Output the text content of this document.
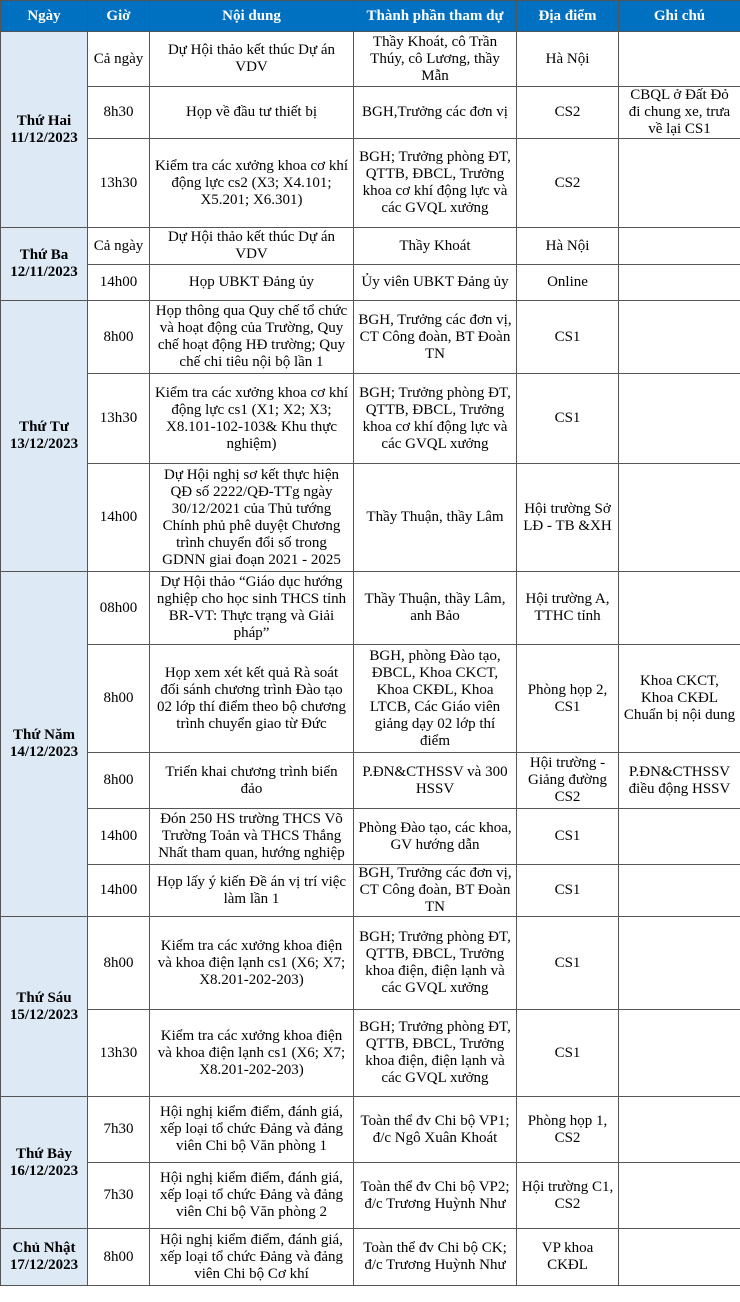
Ngày	Giờ	Nội dung	Thành phần tham dự	Địa điểm	Ghi chú

Thứ Hai
11/12/2023	Cả ngày	Dự Hội thảo kết thúc Dự án VDV	Thầy Khoát, cô Trần Thúy, cô Lương, thầy Mẫn	Hà Nội	
	8h30	Họp về đầu tư thiết bị	BGH,Trưởng các đơn vị	CS2	CBQL ở Đất Đỏ đi chung xe, trưa về lại CS1
	13h30	Kiểm tra các xưởng khoa cơ khí động lực cs2 (X3; X4.101; X5.201; X6.301)	BGH; Trưởng phòng ĐT, QTTB, ĐBCL, Trưởng khoa cơ khí động lực và các GVQL xưởng	CS2	

Thứ Ba
12/11/2023	Cả ngày	Dự Hội thảo kết thúc Dự án VDV	Thầy Khoát	Hà Nội	
	14h00	Họp UBKT Đảng ủy	Ủy viên UBKT Đảng ủy	Online	

Thứ Tư
13/12/2023	8h00	Họp thông qua Quy chế tổ chức và hoạt động của Trường, Quy chế hoạt động HĐ trường; Quy chế chi tiêu nội bộ lần 1	BGH, Trưởng các đơn vị, CT Công đoàn, BT Đoàn TN	CS1	
	13h30	Kiểm tra các xưởng khoa cơ khí động lực cs1 (X1; X2; X3; X8.101-102-103& Khu thực nghiệm)	BGH; Trưởng phòng ĐT, QTTB, ĐBCL, Trưởng khoa cơ khí động lực và các GVQL xưởng	CS1	
	14h00	Dự Hội nghị sơ kết thực hiện QĐ số 2222/QĐ-TTg ngày 30/12/2021 của Thủ tướng Chính phủ phê duyệt Chương trình chuyển đổi số trong GDNN giai đoạn 2021 - 2025	Thầy Thuận, thầy Lâm	Hội trường Sở LĐ - TB &XH	

Thứ Năm
14/12/2023	08h00	Dự Hội thảo “Giáo dục hướng nghiệp cho học sinh THCS tỉnh BR-VT: Thực trạng và Giải pháp”	Thầy Thuận, thầy Lâm, anh Bảo	Hội trường A, TTHC tỉnh	
	8h00	Họp xem xét kết quả Rà soát đối sánh chương trình Đào tạo 02 lớp thí điểm theo bộ chương trình chuyển giao từ Đức	BGH, phòng Đào tạo, ĐBCL, Khoa CKCT, Khoa CKĐL, Khoa LTCB, Các Giáo viên giảng dạy 02 lớp thí điểm	Phòng họp 2, CS1	Khoa CKCT, Khoa CKĐL Chuẩn bị nội dung
	8h00	Triển khai chương trình biển đảo	P.ĐN&CTHSSV và 300 HSSV	Hội trường - Giảng đường CS2	P.ĐN&CTHSSV điều động HSSV
	14h00	Đón 250 HS trường THCS Võ Trường Toản và THCS Thắng Nhất tham quan, hướng nghiệp	Phòng Đào tạo, các khoa, GV hướng dẫn	CS1	
	14h00	Họp lấy ý kiến Đề án vị trí việc làm lần 1	BGH, Trưởng các đơn vị, CT Công đoàn, BT Đoàn TN	CS1	

Thứ Sáu
15/12/2023	8h00	Kiểm tra các xưởng khoa điện và khoa điện lạnh cs1 (X6; X7; X8.201-202-203)	BGH; Trưởng phòng ĐT, QTTB, ĐBCL, Trưởng khoa điện, điện lạnh và các GVQL xưởng	CS1	
	13h30	Kiểm tra các xưởng khoa điện và khoa điện lạnh cs1 (X6; X7; X8.201-202-203)	BGH; Trưởng phòng ĐT, QTTB, ĐBCL, Trưởng khoa điện, điện lạnh và các GVQL xưởng	CS1	

Thứ Bảy
16/12/2023	7h30	Hội nghị kiểm điểm, đánh giá, xếp loại tổ chức Đảng và đảng viên Chi bộ Văn phòng 1	Toàn thể đv Chi bộ VP1; đ/c Ngô Xuân Khoát	Phòng họp 1, CS2	
	7h30	Hội nghị kiểm điểm, đánh giá, xếp loại tổ chức Đảng và đảng viên Chi bộ Văn phòng 2	Toàn thể đv Chi bộ VP2; đ/c Trương Huỳnh Như	Hội trường C1, CS2	

Chủ Nhật
17/12/2023	8h00	Hội nghị kiểm điểm, đánh giá, xếp loại tổ chức Đảng và đảng viên Chi bộ Cơ khí	Toàn thể đv Chi bộ CK; đ/c Trương Huỳnh Như	VP khoa CKĐL	
